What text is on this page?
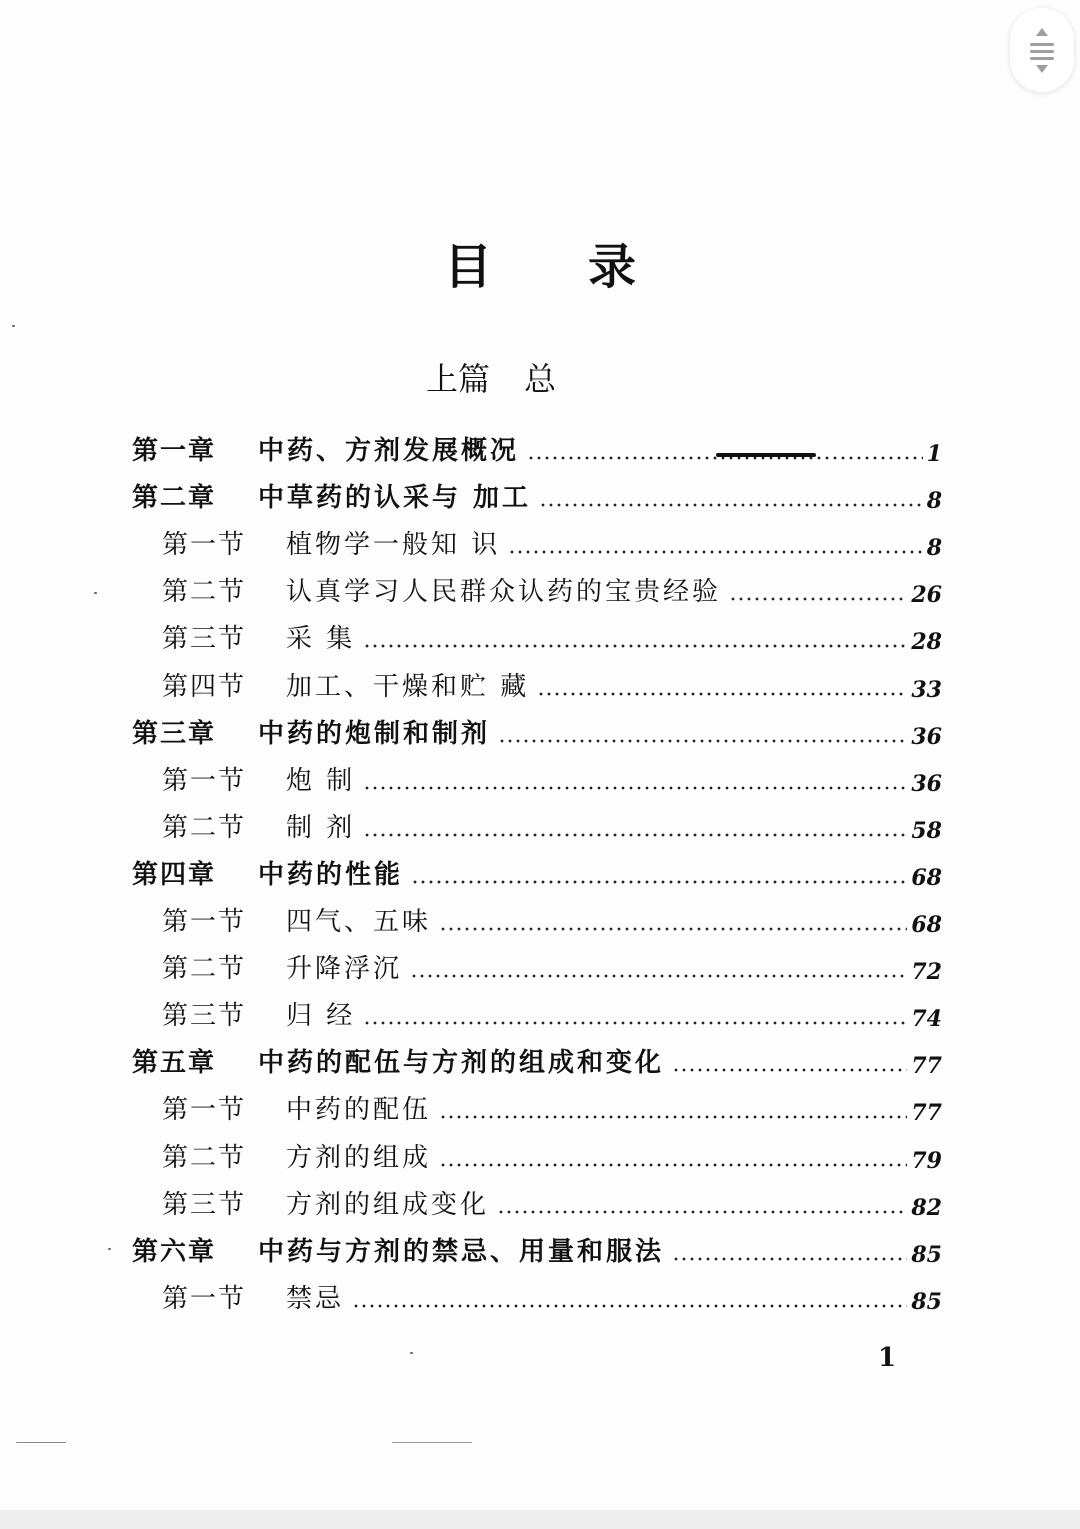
目 录
上篇 总
第一章	中药、方剂发展概况	1
第二章	中草药的认采与 加工	8
第一节	植物学一般知 识	8
第二节	认真学习人民群众认药的宝贵经验	26
第三节	采 集	28
第四节	加工、干燥和贮 藏	33
第三章	中药的炮制和制剂	36
第一节	炮 制	36
第二节	制 剂	58
第四章	中药的性能	68
第一节	四气、五味	68
第二节	升降浮沉	72
第三节	归 经	74
第五章	中药的配伍与方剂的组成和变化	77
第一节	中药的配伍	77
第二节	方剂的组成	79
第三节	方剂的组成变化	82
第六章	中药与方剂的禁忌、用量和服法	85
第一节	禁忌	85
1
